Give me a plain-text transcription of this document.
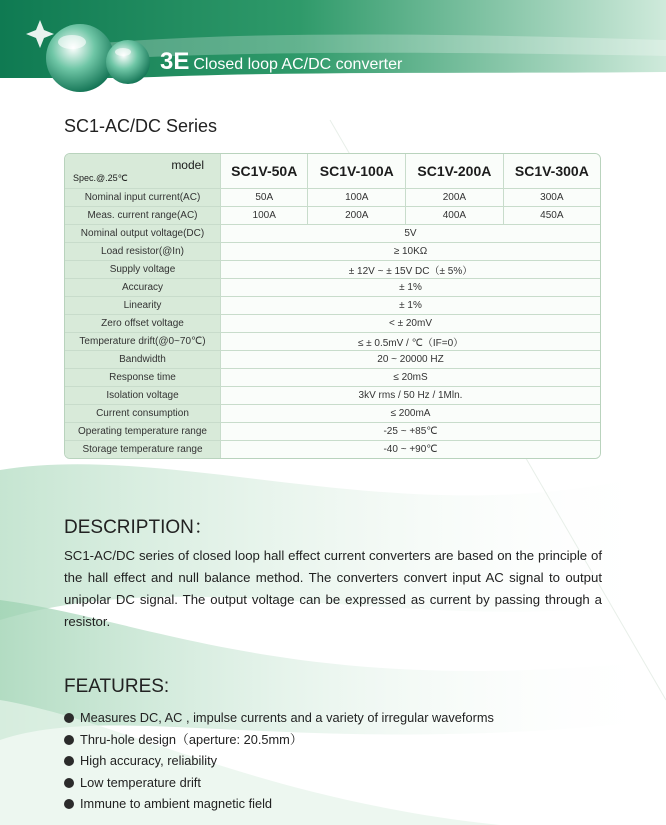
3E Closed loop AC/DC converter
SC1-AC/DC Series
model
Spec.@.25℃	SC1V-50A	SC1V-100A	SC1V-200A	SC1V-300A
Nominal input current(AC)	50A	100A	200A	300A
Meas. current range(AC)	100A	200A	400A	450A
Nominal output voltage(DC)	5V			
Load resistor(@In)	≥ 10KΩ			
Supply voltage	± 12V ~ ± 15V DC（± 5%）			
Accuracy	± 1%			
Linearity	± 1%			
Zero offset voltage	< ± 20mV			
Temperature drift(@0~70℃)	≤ ± 0.5mV / ℃（IF=0）			
Bandwidth	20 ~ 20000 HZ			
Response time	≤ 20mS			
Isolation voltage	3kV rms / 50 Hz / 1Mln.			
Current consumption	≤ 200mA			
Operating temperature range	-25 ~ +85℃			
Storage temperature range	-40 ~ +90℃			
DESCRIPTION：
SC1-AC/DC series of closed loop hall effect current converters are based on the principle of the hall effect and null balance method. The converters convert input AC signal to output unipolar DC signal. The output voltage can be expressed as current by passing through a resistor.
FEATURES:
Measures DC, AC , impulse currents and a variety of irregular waveforms
Thru-hole design（aperture: 20.5mm）
High accuracy, reliability
Low temperature drift
Immune to ambient magnetic field
